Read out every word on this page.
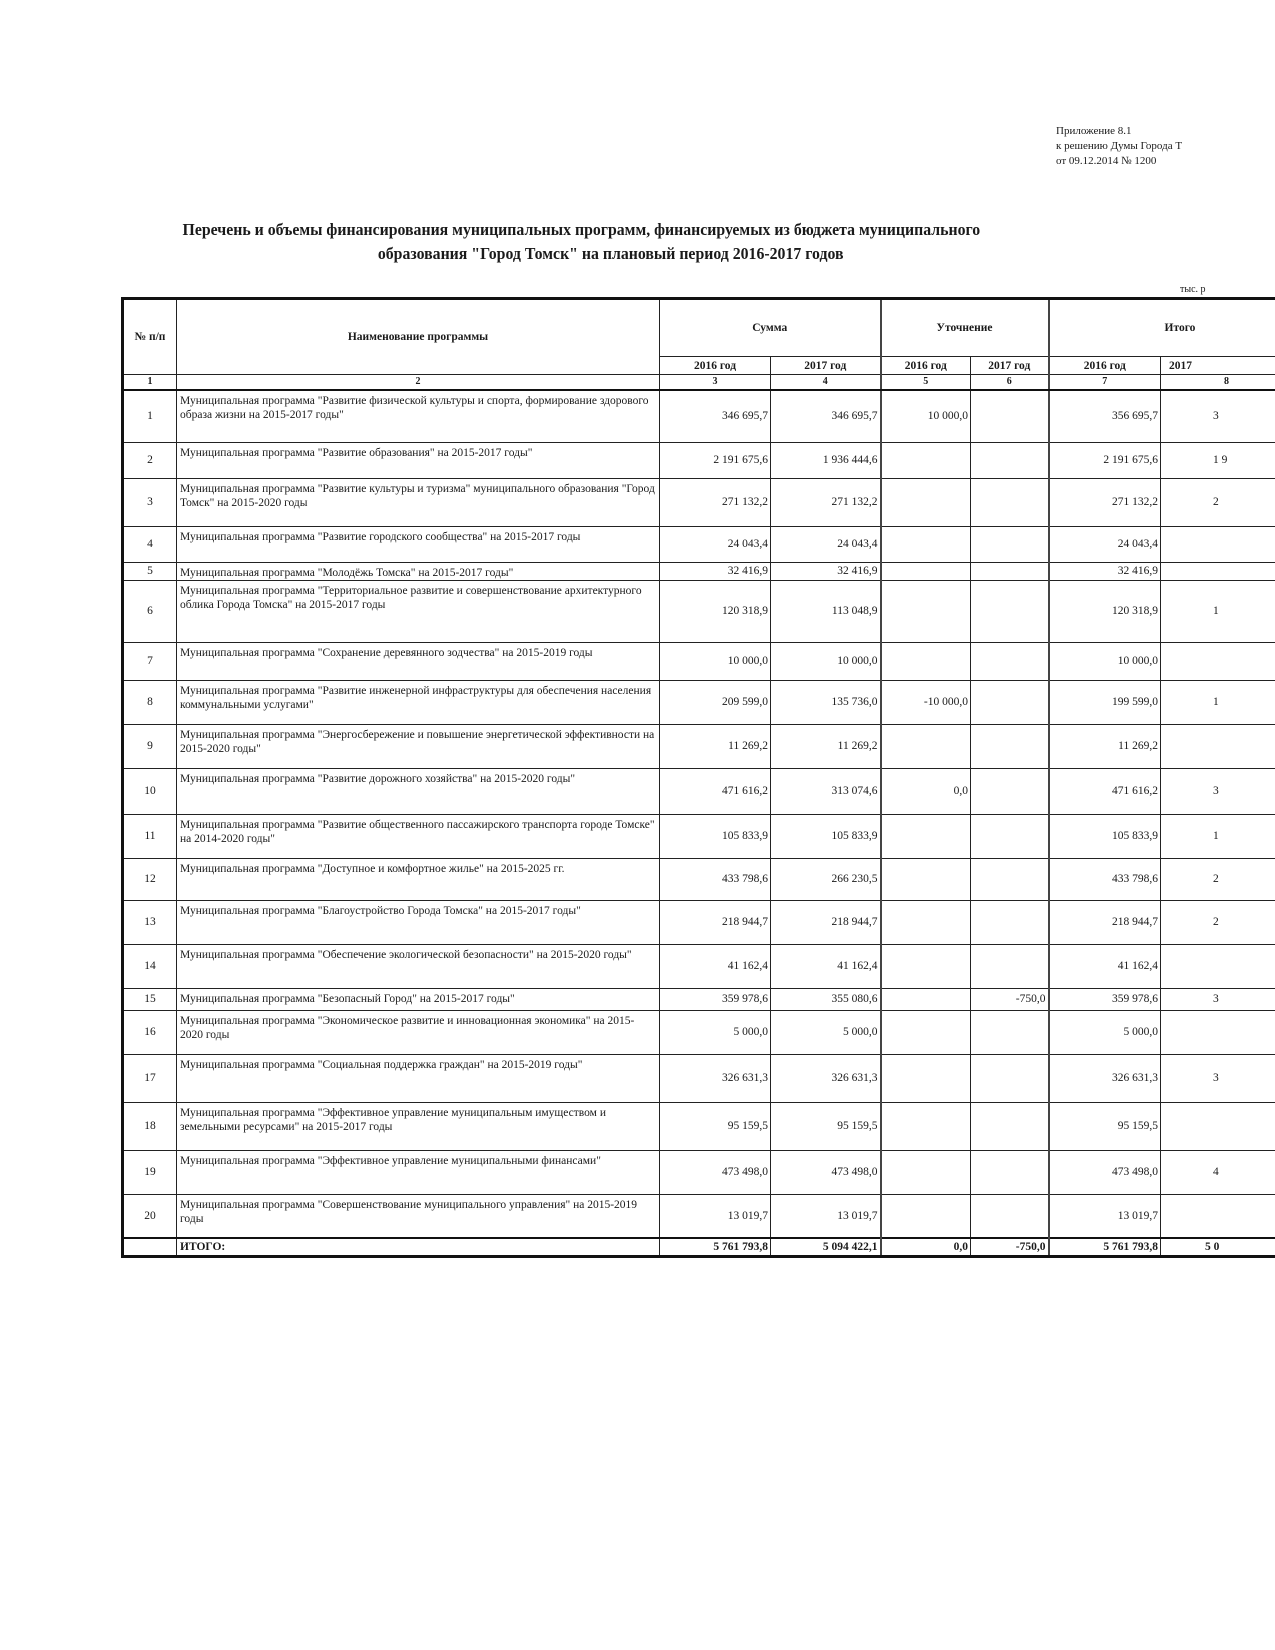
Приложение 8.1
к решению Думы Города Т
от 09.12.2014 № 1200
Перечень и объемы финансирования муниципальных программ, финансируемых из бюджета муниципального
образования "Город Томск" на плановый период 2016-2017 годов
тыс. р
№ п/п	Наименование программы	Сумма		Уточнение		Итого	
		2016 год	2017 год	2016 год	2017 год	2016 год	2017
1	2	3	4	5	6	7	8
1	Муниципальная программа "Развитие физической культуры и спорта, формирование здорового образа жизни на 2015-2017 годы"	346 695,7	346 695,7	10 000,0		356 695,7	3
2	Муниципальная программа "Развитие образования" на 2015-2017 годы"	2 191 675,6	1 936 444,6			2 191 675,6	1 9
3	Муниципальная программа "Развитие культуры и туризма" муниципального образования "Город Томск" на 2015-2020 годы	271 132,2	271 132,2			271 132,2	2
4	Муниципальная программа "Развитие городского сообщества" на 2015-2017 годы	24 043,4	24 043,4			24 043,4	
5	Муниципальная программа "Молодёжь Томска" на 2015-2017 годы"	32 416,9	32 416,9			32 416,9	
6	Муниципальная программа "Территориальное развитие и совершенствование архитектурного облика Города Томска" на 2015-2017 годы	120 318,9	113 048,9			120 318,9	1
7	Муниципальная программа "Сохранение деревянного зодчества" на 2015-2019 годы	10 000,0	10 000,0			10 000,0	
8	Муниципальная программа "Развитие инженерной инфраструктуры для обеспечения населения коммунальными услугами"	209 599,0	135 736,0	-10 000,0		199 599,0	1
9	Муниципальная программа "Энергосбережение и повышение энергетической эффективности на 2015-2020 годы"	11 269,2	11 269,2			11 269,2	
10	Муниципальная программа "Развитие дорожного хозяйства" на 2015-2020 годы"	471 616,2	313 074,6	0,0		471 616,2	3
11	Муниципальная программа "Развитие общественного пассажирского транспорта городе Томске" на 2014-2020 годы"	105 833,9	105 833,9			105 833,9	1
12	Муниципальная программа "Доступное и комфортное жилье" на 2015-2025 гг.	433 798,6	266 230,5			433 798,6	2
13	Муниципальная программа "Благоустройство Города Томска" на 2015-2017 годы"	218 944,7	218 944,7			218 944,7	2
14	Муниципальная программа "Обеспечение экологической безопасности" на 2015-2020 годы"	41 162,4	41 162,4			41 162,4	
15	Муниципальная программа "Безопасный Город" на 2015-2017 годы"	359 978,6	355 080,6		-750,0	359 978,6	3
16	Муниципальная программа "Экономическое развитие и инновационная экономика" на 2015-2020 годы	5 000,0	5 000,0			5 000,0	
17	Муниципальная программа "Социальная поддержка граждан" на 2015-2019 годы"	326 631,3	326 631,3			326 631,3	3
18	Муниципальная программа "Эффективное управление муниципальным имуществом и земельными ресурсами" на 2015-2017 годы	95 159,5	95 159,5			95 159,5	
19	Муниципальная программа "Эффективное управление муниципальными финансами"	473 498,0	473 498,0			473 498,0	4
20	Муниципальная программа "Совершенствование муниципального управления" на 2015-2019 годы	13 019,7	13 019,7			13 019,7	
	ИТОГО:	5 761 793,8	5 094 422,1	0,0	-750,0	5 761 793,8	5 0
